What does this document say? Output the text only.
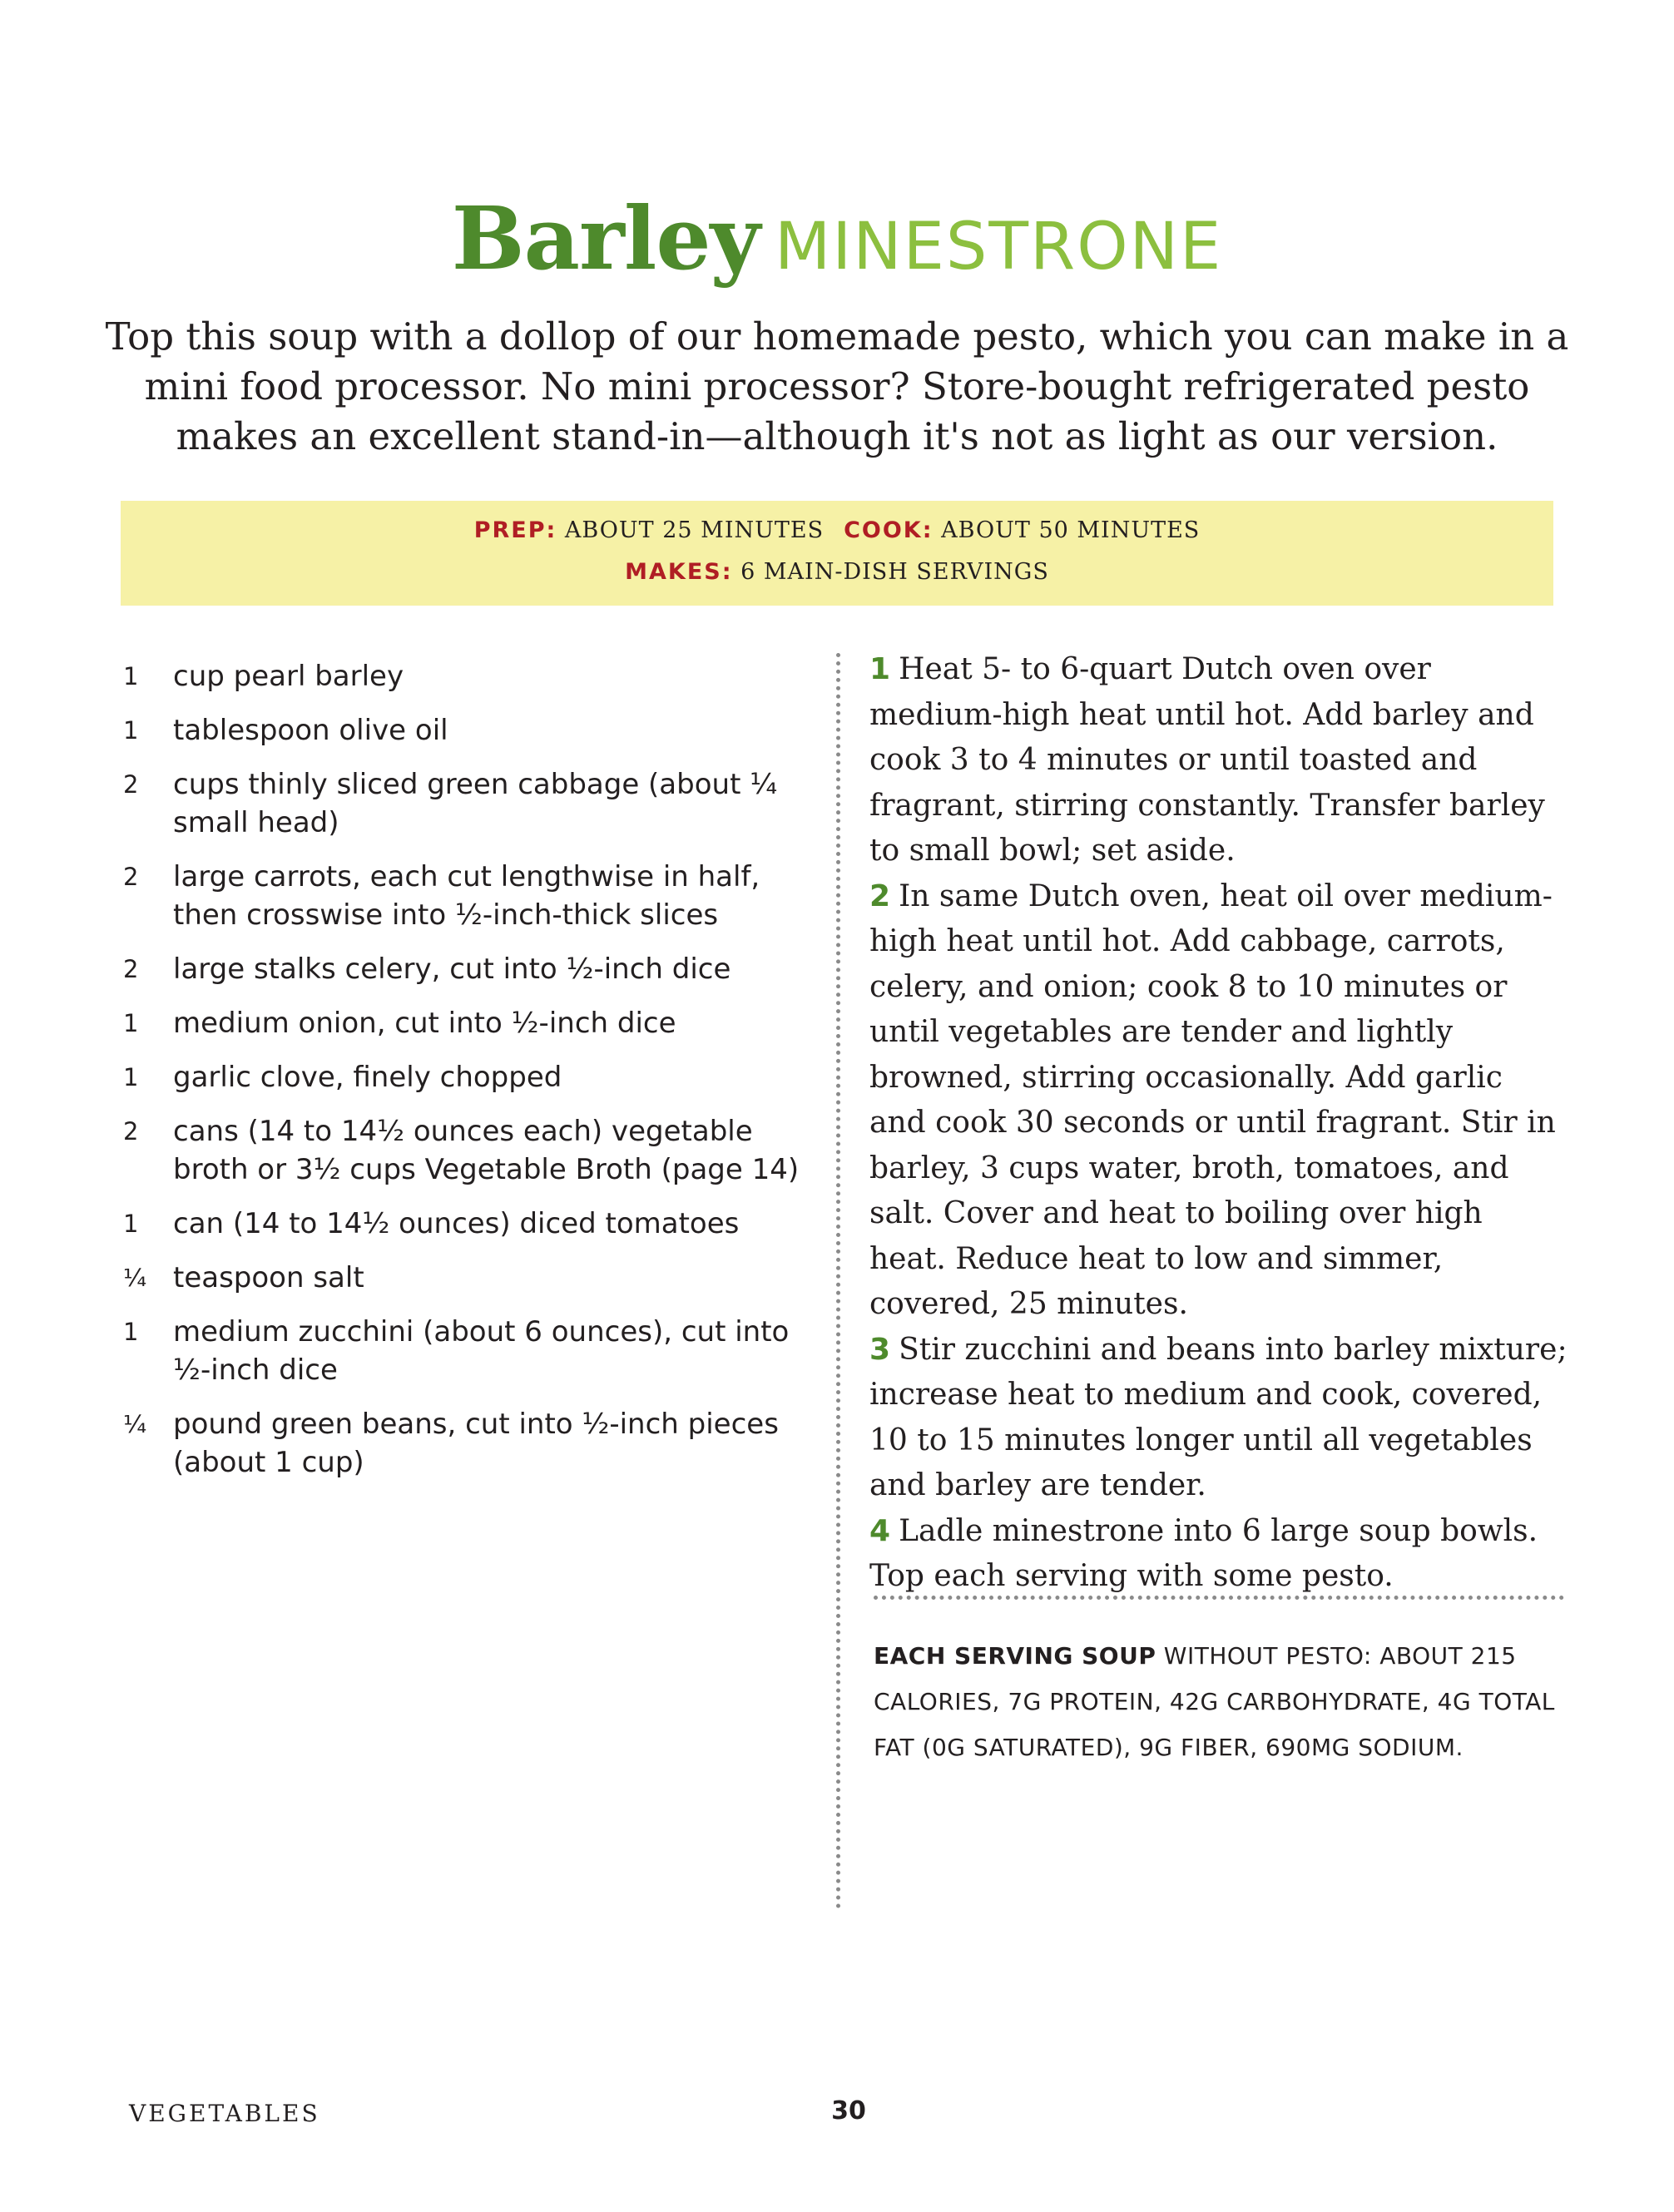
Barley MINESTRONE
Top this soup with a dollop of our homemade pesto, which you can make in a mini food processor. No mini processor? Store-bought refrigerated pesto makes an excellent stand-in—although it's not as light as our version.
PREP: ABOUT 25 MINUTES COOK: ABOUT 50 MINUTES
MAKES: 6 MAIN-DISH SERVINGS
1	cup pearl barley
1	tablespoon olive oil
2	cups thinly sliced green cabbage (about ¹⁄₄ small head)
2	large carrots, each cut lengthwise in half, then crosswise into ¹⁄₂-inch-thick slices
2	large stalks celery, cut into ¹⁄₂-inch dice
1	medium onion, cut into ¹⁄₂-inch dice
1	garlic clove, finely chopped
2	cans (14 to 14¹⁄₂ ounces each) vegetable broth or 3¹⁄₂ cups Vegetable Broth (page 14)
1	can (14 to 14¹⁄₂ ounces) diced tomatoes
¹⁄₄ teaspoon salt
1	medium zucchini (about 6 ounces), cut into ¹⁄₂-inch dice
¹⁄₄ pound green beans, cut into ¹⁄₂-inch pieces (about 1 cup)

1 Heat 5- to 6-quart Dutch oven over medium-high heat until hot. Add barley and cook 3 to 4 minutes or until toasted and fragrant, stirring constantly. Transfer barley to small bowl; set aside.

2 In same Dutch oven, heat oil over medium-high heat until hot. Add cabbage, carrots, celery, and onion; cook 8 to 10 minutes or until vegetables are tender and lightly browned, stirring occasionally. Add garlic and cook 30 seconds or until fragrant. Stir in barley, 3 cups water, broth, tomatoes, and salt. Cover and heat to boiling over high heat. Reduce heat to low and simmer, covered, 25 minutes.

3 Stir zucchini and beans into barley mixture; increase heat to medium and cook, covered, 10 to 15 minutes longer until all vegetables and barley are tender.

4 Ladle minestrone into 6 large soup bowls. Top each serving with some pesto.

EACH SERVING SOUP WITHOUT PESTO: ABOUT 215 CALORIES, 7G PROTEIN, 42G CARBOHYDRATE, 4G TOTAL FAT (0G SATURATED), 9G FIBER, 690MG SODIUM.
VEGETABLES	30
